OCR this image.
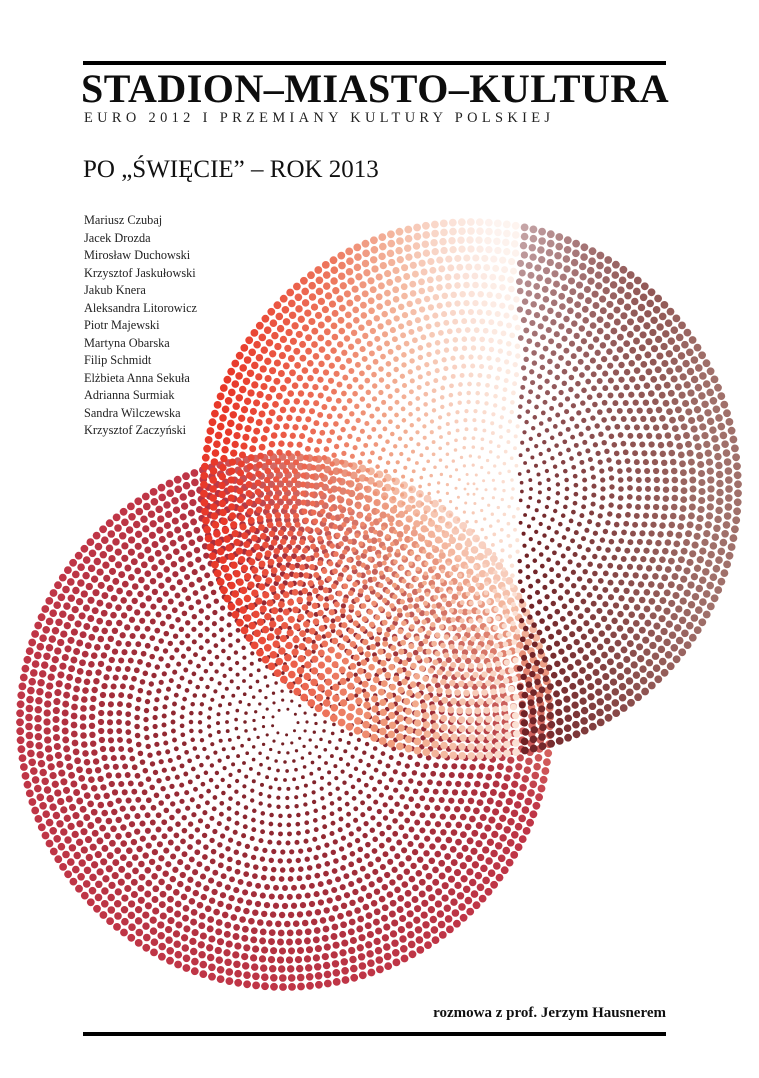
STADION–MIASTO–KULTURA
EURO 2012 I PRZEMIANY KULTURY POLSKIEJ
PO „ŚWIĘCIE” – ROK 2013
Mariusz Czubaj
Jacek Drozda
Mirosław Duchowski
Krzysztof Jaskułowski
Jakub Knera
Aleksandra Litorowicz
Piotr Majewski
Martyna Obarska
Filip Schmidt
Elżbieta Anna Sekuła
Adrianna Surmiak
Sandra Wilczewska
Krzysztof Zaczyński
rozmowa z prof. Jerzym Hausnerem
